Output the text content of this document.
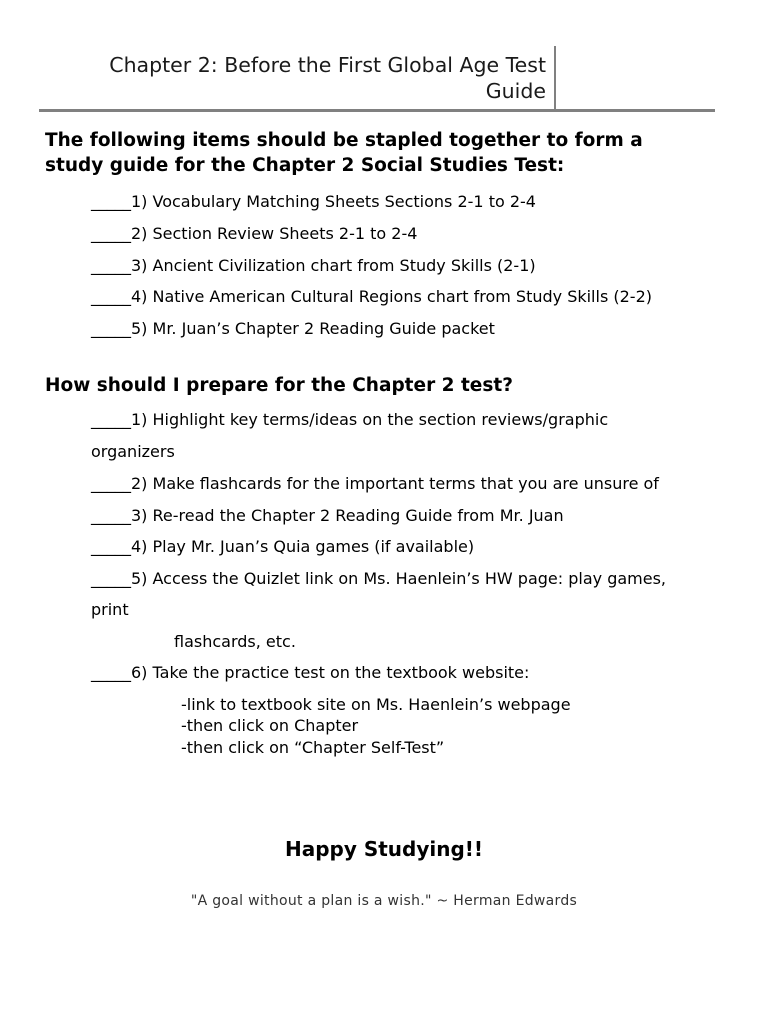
Chapter 2: Before the First Global Age Test
Guide
The following items should be stapled together to form a
study guide for the Chapter 2 Social Studies Test:
_____1) Vocabulary Matching Sheets Sections 2-1 to 2-4
_____2) Section Review Sheets 2-1 to 2-4
_____3) Ancient Civilization chart from Study Skills (2-1)
_____4) Native American Cultural Regions chart from Study Skills (2-2)
_____5) Mr. Juan’s Chapter 2 Reading Guide packet
How should I prepare for the Chapter 2 test?
_____1) Highlight key terms/ideas on the section reviews/graphic
organizers
_____2) Make flashcards for the important terms that you are unsure of
_____3) Re-read the Chapter 2 Reading Guide from Mr. Juan
_____4) Play Mr. Juan’s Quia games (if available)
_____5) Access the Quizlet link on Ms. Haenlein’s HW page: play games,
print
flashcards, etc.
_____6) Take the practice test on the textbook website:
-link to textbook site on Ms. Haenlein’s webpage
-then click on Chapter
-then click on “Chapter Self-Test”
Happy Studying!!
"A goal without a plan is a wish." ~ Herman Edwards
